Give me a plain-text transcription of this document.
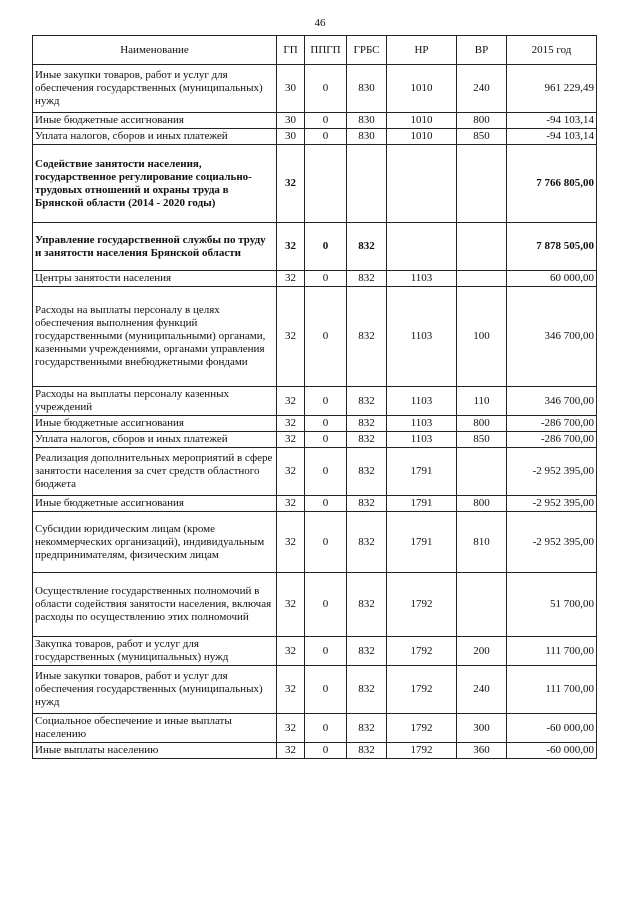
46
Наименование	ГП	ППГП	ГРБС	НР	ВР	2015 год
Иные закупки товаров, работ и услуг для обеспечения государственных (муниципальных) нужд	30	0	830	1010	240	961 229,49
Иные бюджетные ассигнования	30	0	830	1010	800	-94 103,14
Уплата налогов, сборов и иных платежей	30	0	830	1010	850	-94 103,14
Содействие занятости населения, государственное регулирование социально-трудовых отношений и охраны труда в Брянской области (2014 - 2020 годы)	32					7 766 805,00
Управление государственной службы по труду и занятости населения Брянской области	32	0	832			7 878 505,00
Центры занятости населения	32	0	832	1103		60 000,00
Расходы на выплаты персоналу в целях обеспечения выполнения функций государственными (муниципальными) органами, казенными учреждениями, органами управления государственными внебюджетными фондами	32	0	832	1103	100	346 700,00
Расходы на выплаты персоналу казенных учреждений	32	0	832	1103	110	346 700,00
Иные бюджетные ассигнования	32	0	832	1103	800	-286 700,00
Уплата налогов, сборов и иных платежей	32	0	832	1103	850	-286 700,00
Реализация дополнительных мероприятий в сфере занятости населения за счет средств областного бюджета	32	0	832	1791		-2 952 395,00
Иные бюджетные ассигнования	32	0	832	1791	800	-2 952 395,00
Субсидии юридическим лицам (кроме некоммерческих организаций), индивидуальным предпринимателям, физическим лицам	32	0	832	1791	810	-2 952 395,00
Осуществление государственных полномочий в области содействия занятости населения, включая расходы по осуществлению этих полномочий	32	0	832	1792		51 700,00
Закупка товаров, работ и услуг для государственных (муниципальных) нужд	32	0	832	1792	200	111 700,00
Иные закупки товаров, работ и услуг для обеспечения государственных (муниципальных) нужд	32	0	832	1792	240	111 700,00
Социальное обеспечение и иные выплаты населению	32	0	832	1792	300	-60 000,00
Иные выплаты населению	32	0	832	1792	360	-60 000,00
